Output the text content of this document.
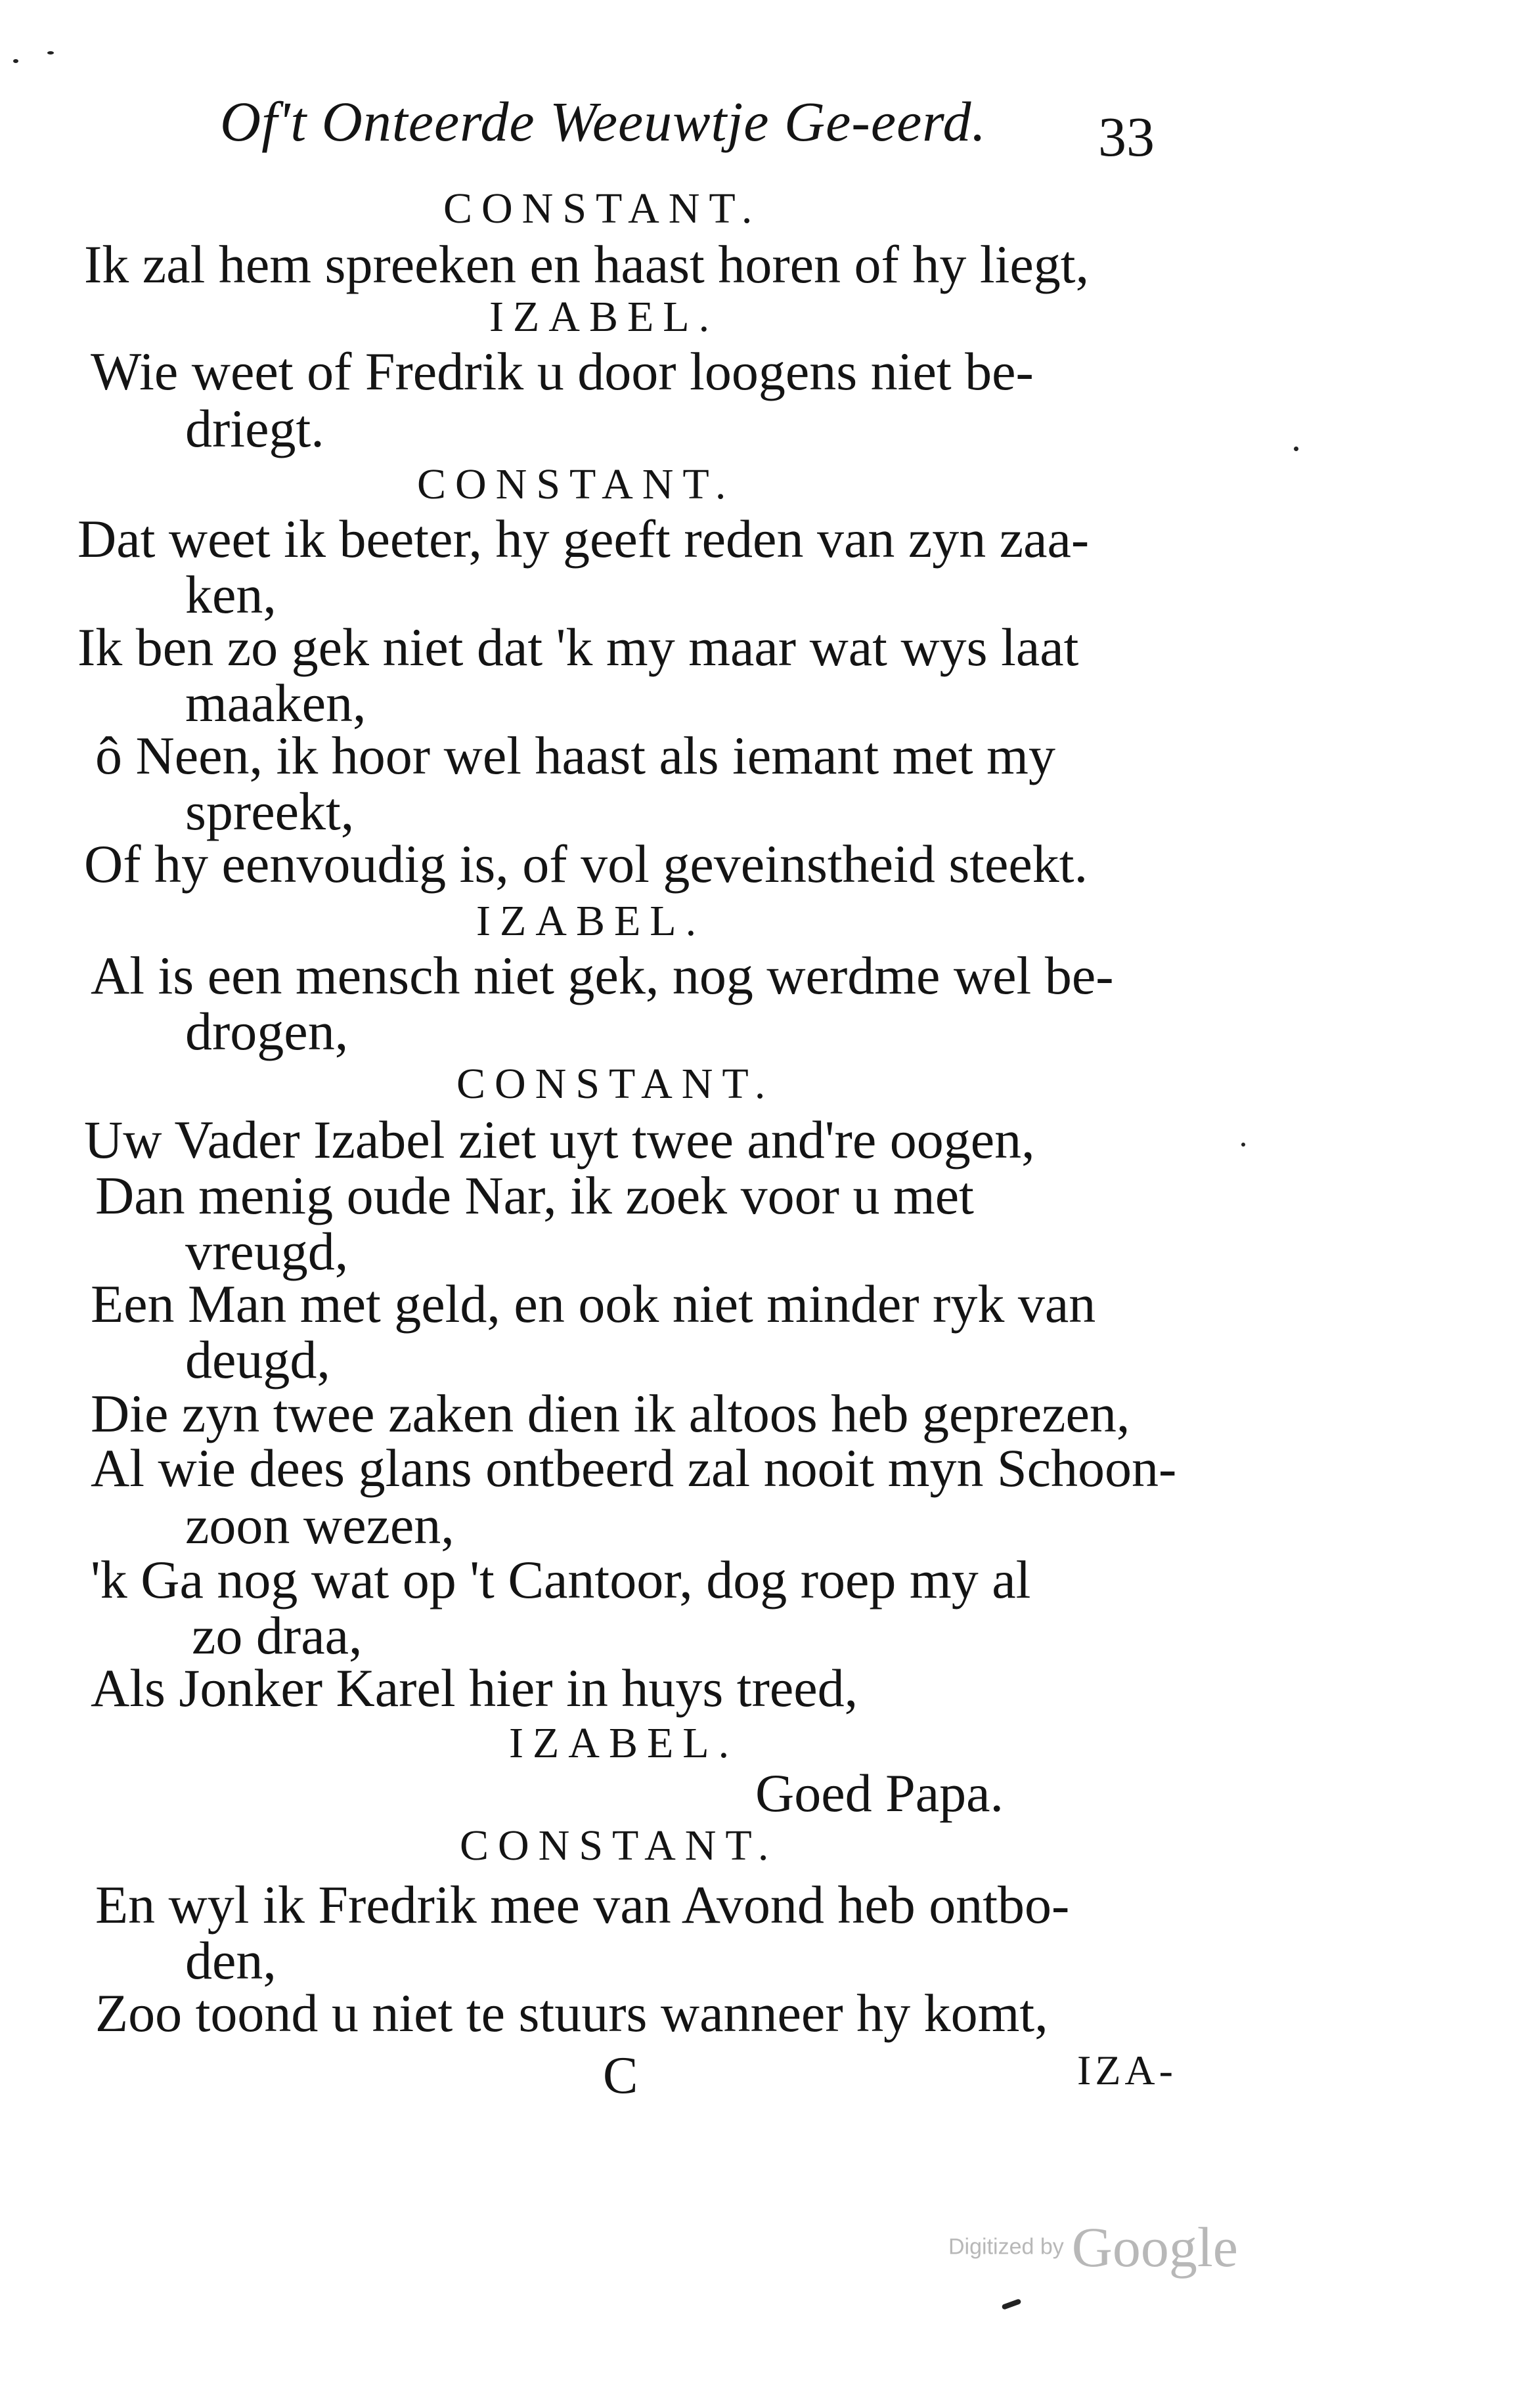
Of't Onteerde Weeuwtje Ge-eerd. 33
CONSTANT.
Ik zal hem spreeken en haast horen of hy liegt,
IZABEL.
Wie weet of Fredrik u door loogens niet be-
driegt.
CONSTANT.
Dat weet ik beeter, hy geeft reden van zyn zaa-
ken,
Ik ben zo gek niet dat 'k my maar wat wys laat
maaken,
ô Neen, ik hoor wel haast als iemant met my
spreekt,
Of hy eenvoudig is, of vol geveinstheid steekt.
IZABEL.
Al is een mensch niet gek, nog werdme wel be-
drogen,
CONSTANT.
Uw Vader Izabel ziet uyt twee and're oogen,
Dan menig oude Nar, ik zoek voor u met
vreugd,
Een Man met geld, en ook niet minder ryk van
deugd,
Die zyn twee zaken dien ik altoos heb geprezen,
Al wie dees glans ontbeerd zal nooit myn Schoon-
zoon wezen,
'k Ga nog wat op 't Cantoor, dog roep my al
zo draa,
Als Jonker Karel hier in huys treed,
IZABEL.
Goed Papa.
CONSTANT.
En wyl ik Fredrik mee van Avond heb ontbo-
den,
Zoo toond u niet te stuurs wanneer hy komt,
C	IZA-
Digitized by Google
